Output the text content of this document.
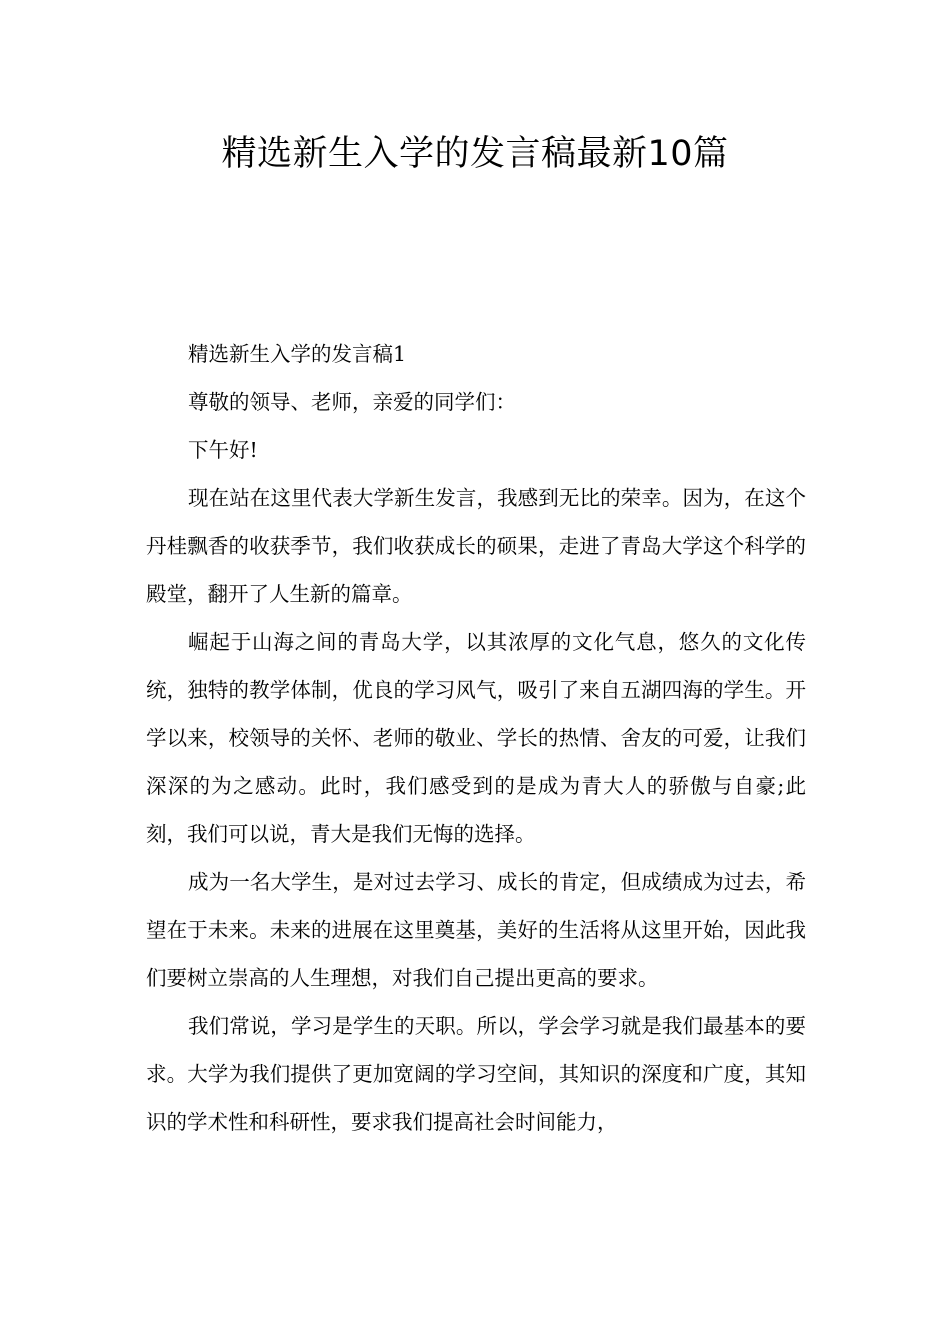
精选新生入学的发言稿最新10篇

精选新生入学的发言稿1

尊敬的领导、老师，亲爱的同学们：

下午好!

现在站在这里代表大学新生发言，我感到无比的荣幸。因为，在这个丹桂飘香的收获季节，我们收获成长的硕果，走进了青岛大学这个科学的殿堂，翻开了人生新的篇章。

崛起于山海之间的青岛大学，以其浓厚的文化气息，悠久的文化传统，独特的教学体制，优良的学习风气，吸引了来自五湖四海的学生。开学以来，校领导的关怀、老师的敬业、学长的热情、舍友的可爱，让我们深深的为之感动。此时，我们感受到的是成为青大人的骄傲与自豪;此刻，我们可以说，青大是我们无悔的选择。

成为一名大学生，是对过去学习、成长的肯定，但成绩成为过去，希望在于未来。未来的进展在这里奠基，美好的生活将从这里开始，因此我们要树立崇高的人生理想，对我们自己提出更高的要求。

我们常说，学习是学生的天职。所以，学会学习就是我们最基本的要求。大学为我们提供了更加宽阔的学习空间，其知识的深度和广度，其知识的学术性和科研性，要求我们提高社会时间能力，
